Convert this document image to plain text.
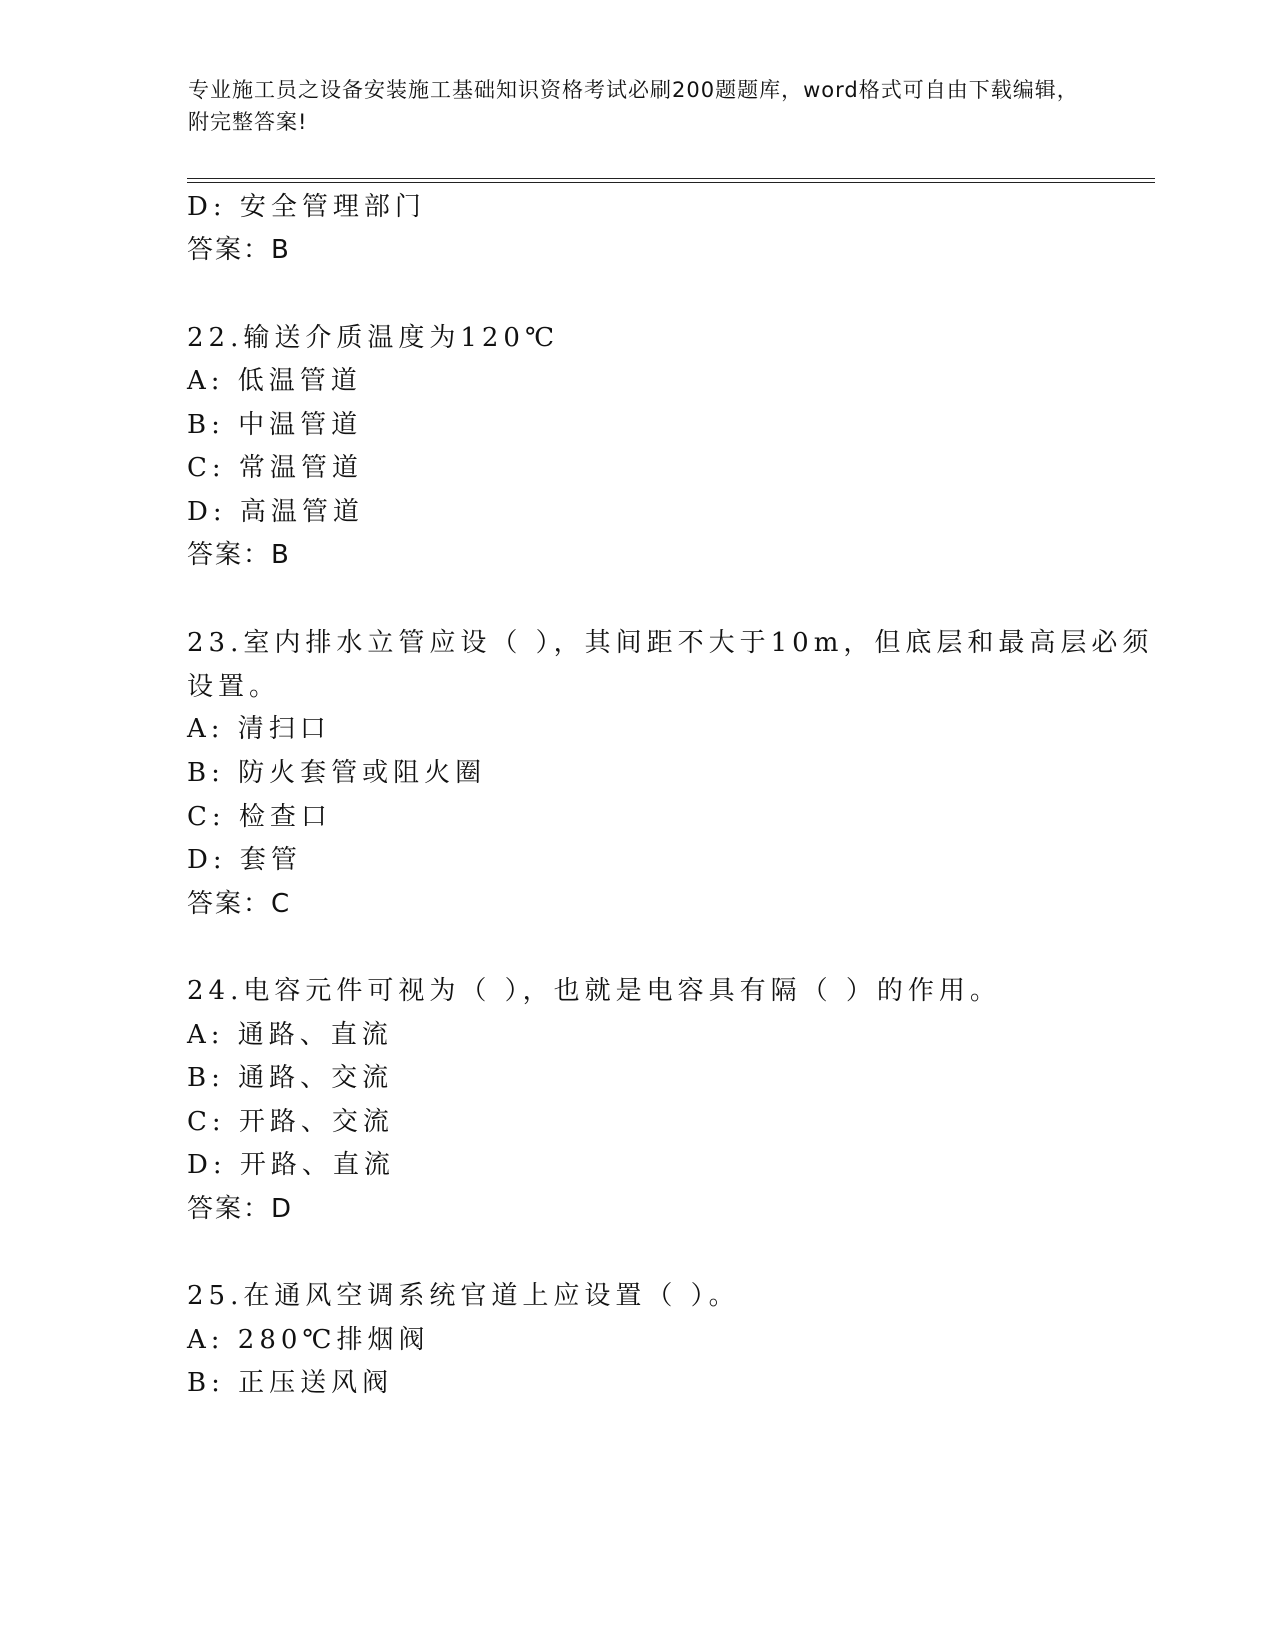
专业施工员之设备安装施工基础知识资格考试必刷200题题库，word格式可自由下载编辑，附完整答案!
D: 安全管理部门
答案：B
22.输送介质温度为120℃
A: 低温管道
B: 中温管道
C: 常温管道
D: 高温管道
答案：B
23.室内排水立管应设（ ），其间距不大于10m，但底层和最高层必须
设置。
A: 清扫口
B: 防火套管或阻火圈
C: 检查口
D: 套管
答案：C
24.电容元件可视为（ ），也就是电容具有隔（ ）的作用。
A: 通路、直流
B: 通路、交流
C: 开路、交流
D: 开路、直流
答案：D
25.在通风空调系统官道上应设置（ ）。
A: 280℃排烟阀
B: 正压送风阀
